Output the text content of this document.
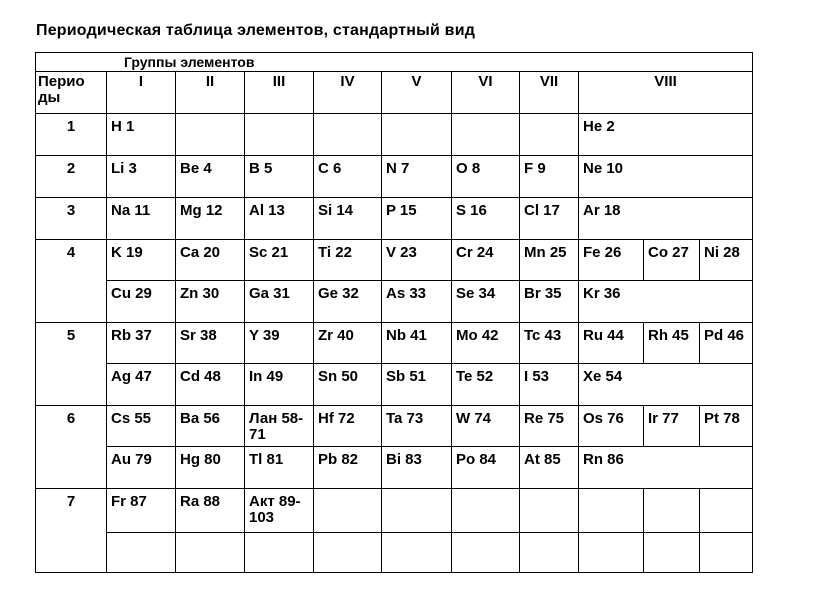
Периодическая таблица элементов, стандартный вид
Группы элементов										
Перио ды	I	II	III	IV	V	VI	VII	VIII		
1	H 1							He 2		
2	Li 3	Be 4	B 5	C 6	N 7	O 8	F 9	Ne 10		
3	Na 11	Mg 12	Al 13	Si 14	P 15	S 16	Cl 17	Ar 18		
4	K 19	Ca 20	Sc 21	Ti 22	V 23	Cr 24	Mn 25	Fe 26	Co 27	Ni 28
	Cu 29	Zn 30	Ga 31	Ge 32	As 33	Se 34	Br 35	Kr 36		
5	Rb 37	Sr 38	Y 39	Zr 40	Nb 41	Mo 42	Tc 43	Ru 44	Rh 45	Pd 46
	Ag 47	Cd 48	In 49	Sn 50	Sb 51	Te 52	I 53	Xe 54		
6	Cs 55	Ba 56	Лан 58-71	Hf 72	Ta 73	W 74	Re 75	Os 76	Ir 77	Pt 78
	Au 79	Hg 80	Tl 81	Pb 82	Bi 83	Po 84	At 85	Rn 86		
7	Fr 87	Ra 88	Акт 89-103							
